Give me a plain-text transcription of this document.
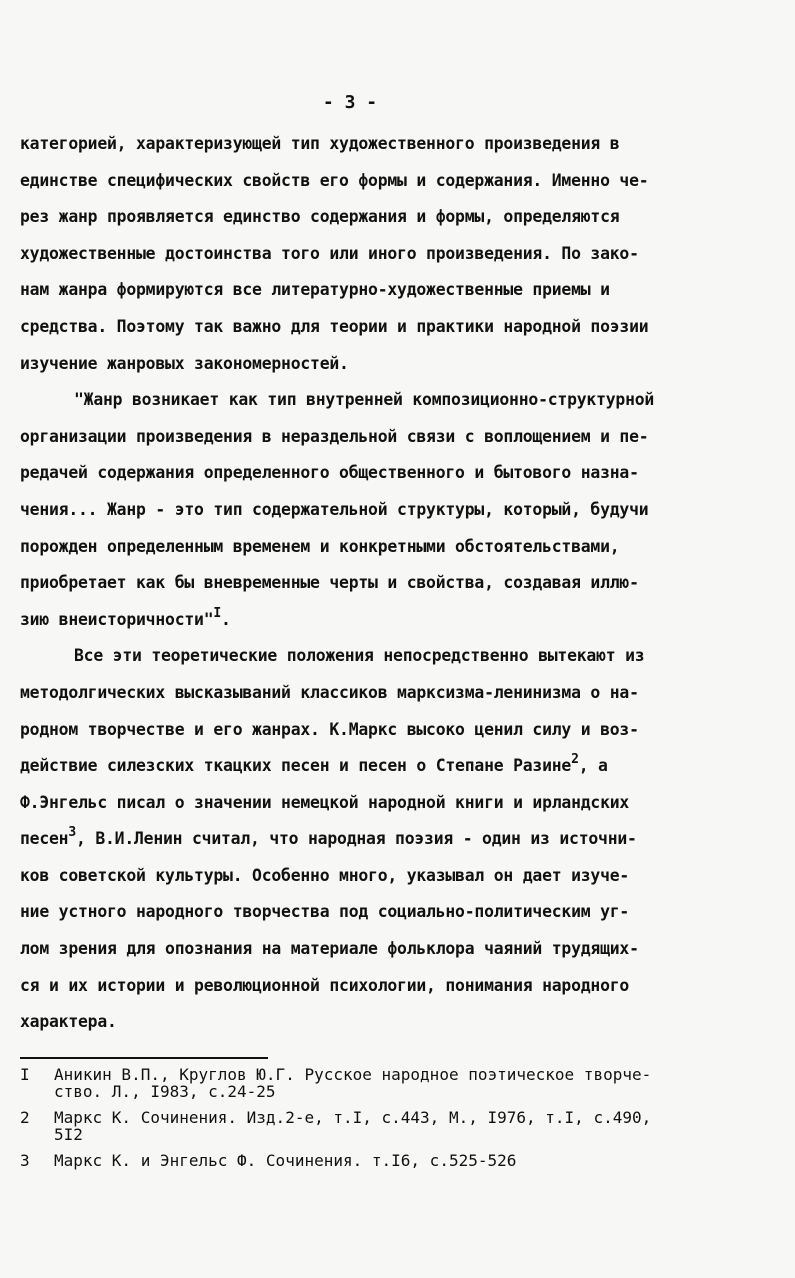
- 3 -
категорией, характеризующей тип художественного произведения в
единстве специфических свойств его формы и содержания. Именно че-
рез жанр проявляется единство содержания и формы, определяются
художественные достоинства того или иного произведения. По зако-
нам жанра формируются все литературно-художественные приемы и
средства. Поэтому так важно для теории и практики народной поэзии
изучение жанровых закономерностей.
"Жанр возникает как тип внутренней композиционно-структурной
организации произведения в нераздельной связи с воплощением и пе-
редачей содержания определенного общественного и бытового назна-
чения... Жанр - это тип содержательной структуры, который, будучи
порожден определенным временем и конкретными обстоятельствами,
приобретает как бы вневременные черты и свойства, создавая иллю-
зию внеисторичности"$^I$.
Все эти теоретические положения непосредственно вытекают из
методолгических высказываний классиков марксизма-ленинизма о на-
родном творчестве и его жанрах. К.Маркс высоко ценил силу и воз-
действие силезских ткацких песен и песен о Степане Разине$^2$, а
Ф.Энгельс писал о значении немецкой народной книги и ирландских
песен$^3$, В.И.Ленин считал, что народная поэзия - один из источни-
ков советской культуры. Особенно много, указывал он дает изуче-
ние устного народного творчества под социально-политическим уг-
лом зрения для опознания на материале фольклора чаяний трудящих-
ся и их истории и революционной психологии, понимания народного
характера.
I	Аникин В.П., Круглов Ю.Г. Русское народное поэтическое творче-
ство. Л., I983, с.24-25
2	Маркс К. Сочинения. Изд.2-е, т.I, с.443, М., I976, т.I, с.490,
5I2
3	Маркс К. и Энгельс Ф. Сочинения. т.I6, с.525-526
